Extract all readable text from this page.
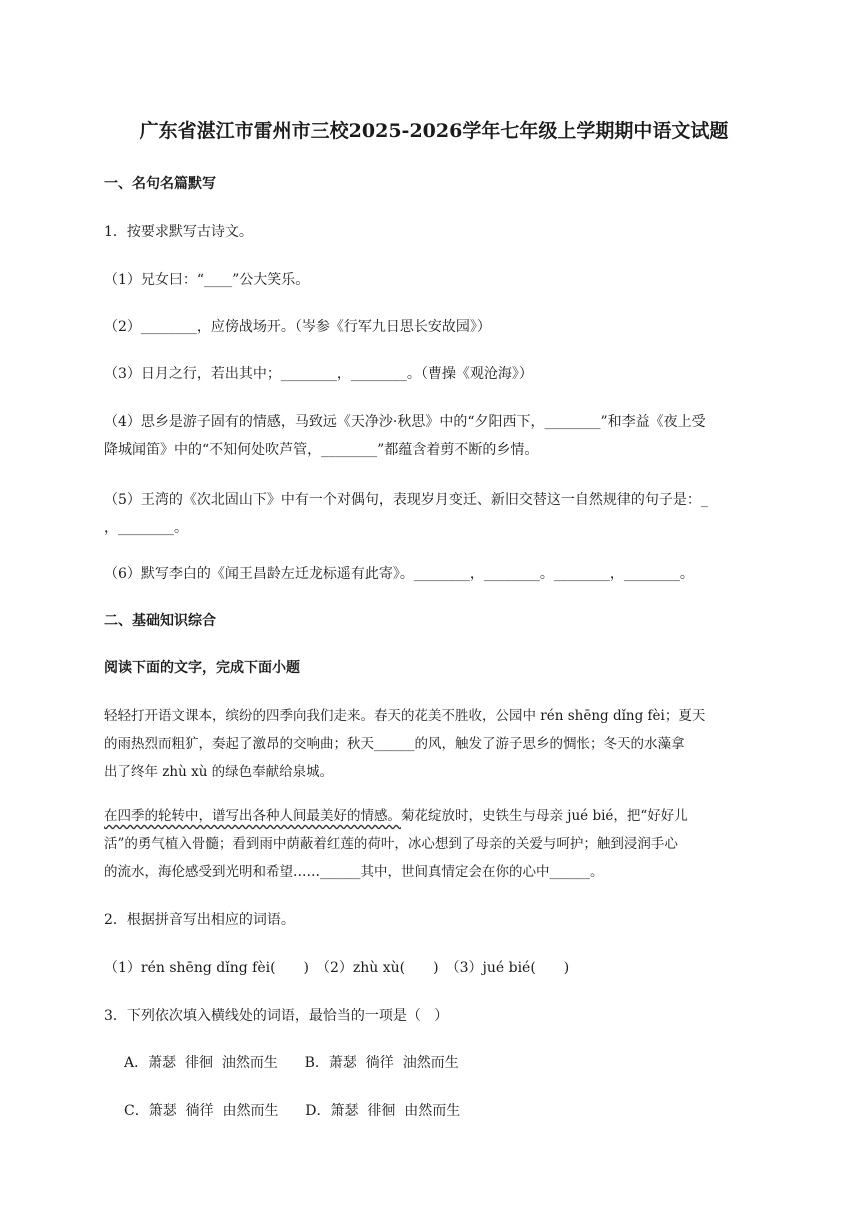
广东省湛江市雷州市三校2025-2026学年七年级上学期期中语文试题
一、名句名篇默写
1．按要求默写古诗文。
（1）兄女曰：“____”公大笑乐。
（2）________，应傍战场开。（岑参《行军九日思长安故园》）
（3）日月之行，若出其中；________，________。（曹操《观沧海》）
（4）思乡是游子固有的情感，马致远《天净沙·秋思》中的“夕阳西下，________”和李益《夜上受
降城闻笛》中的“不知何处吹芦管，________”都蕴含着剪不断的乡情。
（5）王湾的《次北固山下》中有一个对偶句，表现岁月变迁、新旧交替这一自然规律的句子是：_
，________。
（6）默写李白的《闻王昌龄左迁龙标遥有此寄》。________，________。________，________。
二、基础知识综合
阅读下面的文字，完成下面小题
轻轻打开语文课本，缤纷的四季向我们走来。春天的花美不胜收，公园中 rén shēng dǐng fèi；夏天
的雨热烈而粗犷，奏起了激昂的交响曲；秋天______的风，触发了游子思乡的惆怅；冬天的水藻拿
出了终年 zhù xù 的绿色奉献给泉城。
在四季的轮转中，谱写出各种人间最美好的情感。菊花绽放时，史铁生与母亲 jué bié，把“好好儿
活”的勇气植入骨髓；看到雨中荫蔽着红莲的荷叶，冰心想到了母亲的关爱与呵护；触到浸润手心
的流水，海伦感受到光明和希望……______其中，世间真情定会在你的心中______。
2．根据拼音写出相应的词语。
（1）rén shēng dǐng fèi(　　)　（2）zhù xù(　　)　（3）jué bié(　　)
3．下列依次填入横线处的词语，最恰当的一项是（   ）
A．萧瑟  徘徊  油然而生      B．萧瑟  徜徉  油然而生
C．箫瑟  徜徉  由然而生      D．箫瑟  徘徊  由然而生
